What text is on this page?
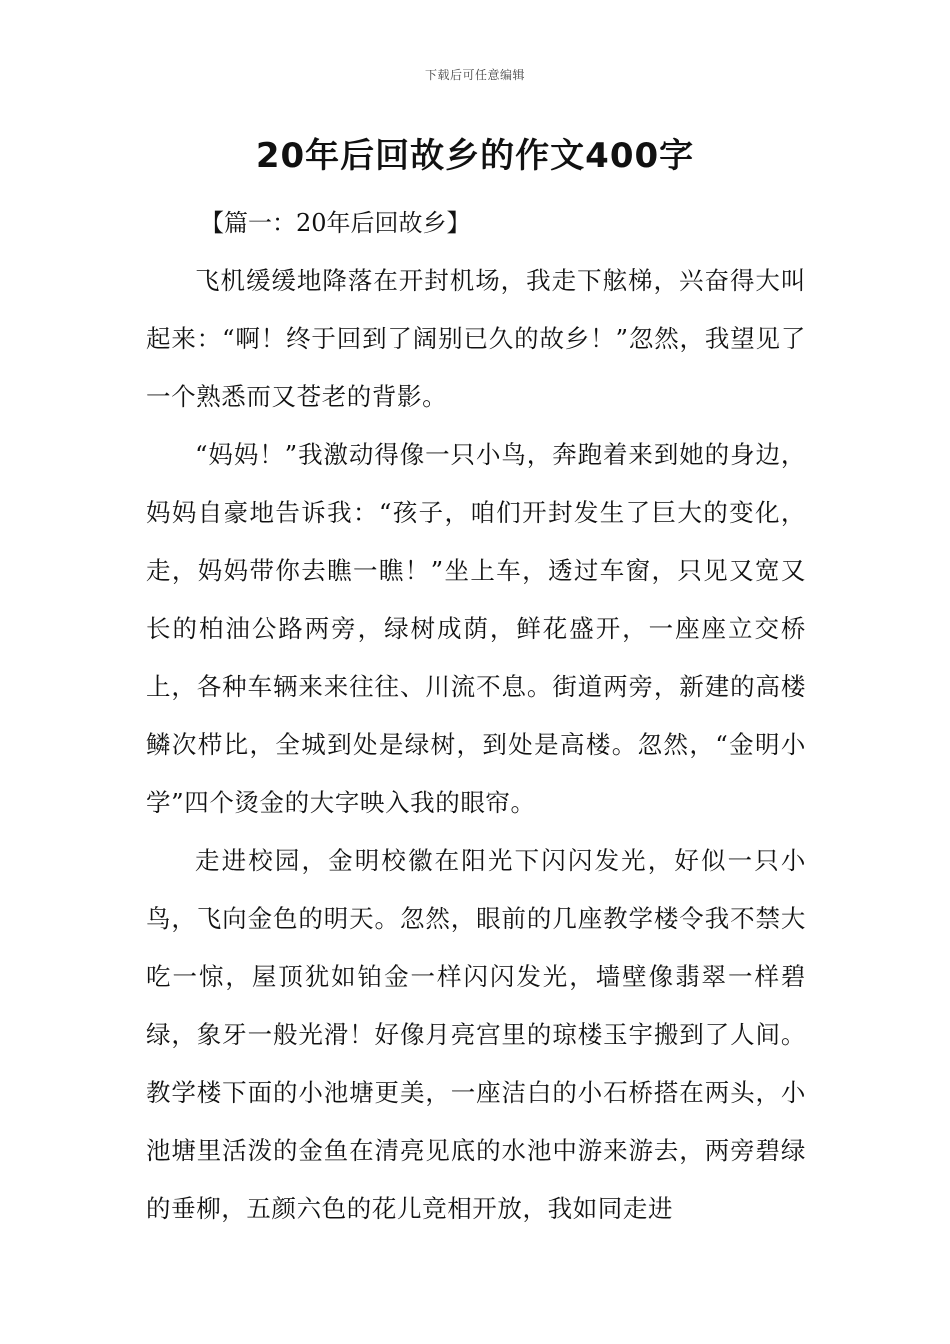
下载后可任意编辑
20年后回故乡的作文400字

【篇一：20年后回故乡】

飞机缓缓地降落在开封机场，我走下舷梯，兴奋得大叫起来：“啊！终于回到了阔别已久的故乡！”忽然，我望见了一个熟悉而又苍老的背影。

“妈妈！”我激动得像一只小鸟，奔跑着来到她的身边，妈妈自豪地告诉我：“孩子，咱们开封发生了巨大的变化，走，妈妈带你去瞧一瞧！”坐上车，透过车窗，只见又宽又长的柏油公路两旁，绿树成荫，鲜花盛开，一座座立交桥上，各种车辆来来往往、川流不息。街道两旁，新建的高楼鳞次栉比，全城到处是绿树，到处是高楼。忽然，“金明小学”四个烫金的大字映入我的眼帘。

走进校园，金明校徽在阳光下闪闪发光，好似一只小鸟，飞向金色的明天。忽然，眼前的几座教学楼令我不禁大吃一惊，屋顶犹如铂金一样闪闪发光，墙壁像翡翠一样碧绿，象牙一般光滑！好像月亮宫里的琼楼玉宇搬到了人间。教学楼下面的小池塘更美，一座洁白的小石桥搭在两头，小池塘里活泼的金鱼在清亮见底的水池中游来游去，两旁碧绿的垂柳，五颜六色的花儿竞相开放，我如同走进
